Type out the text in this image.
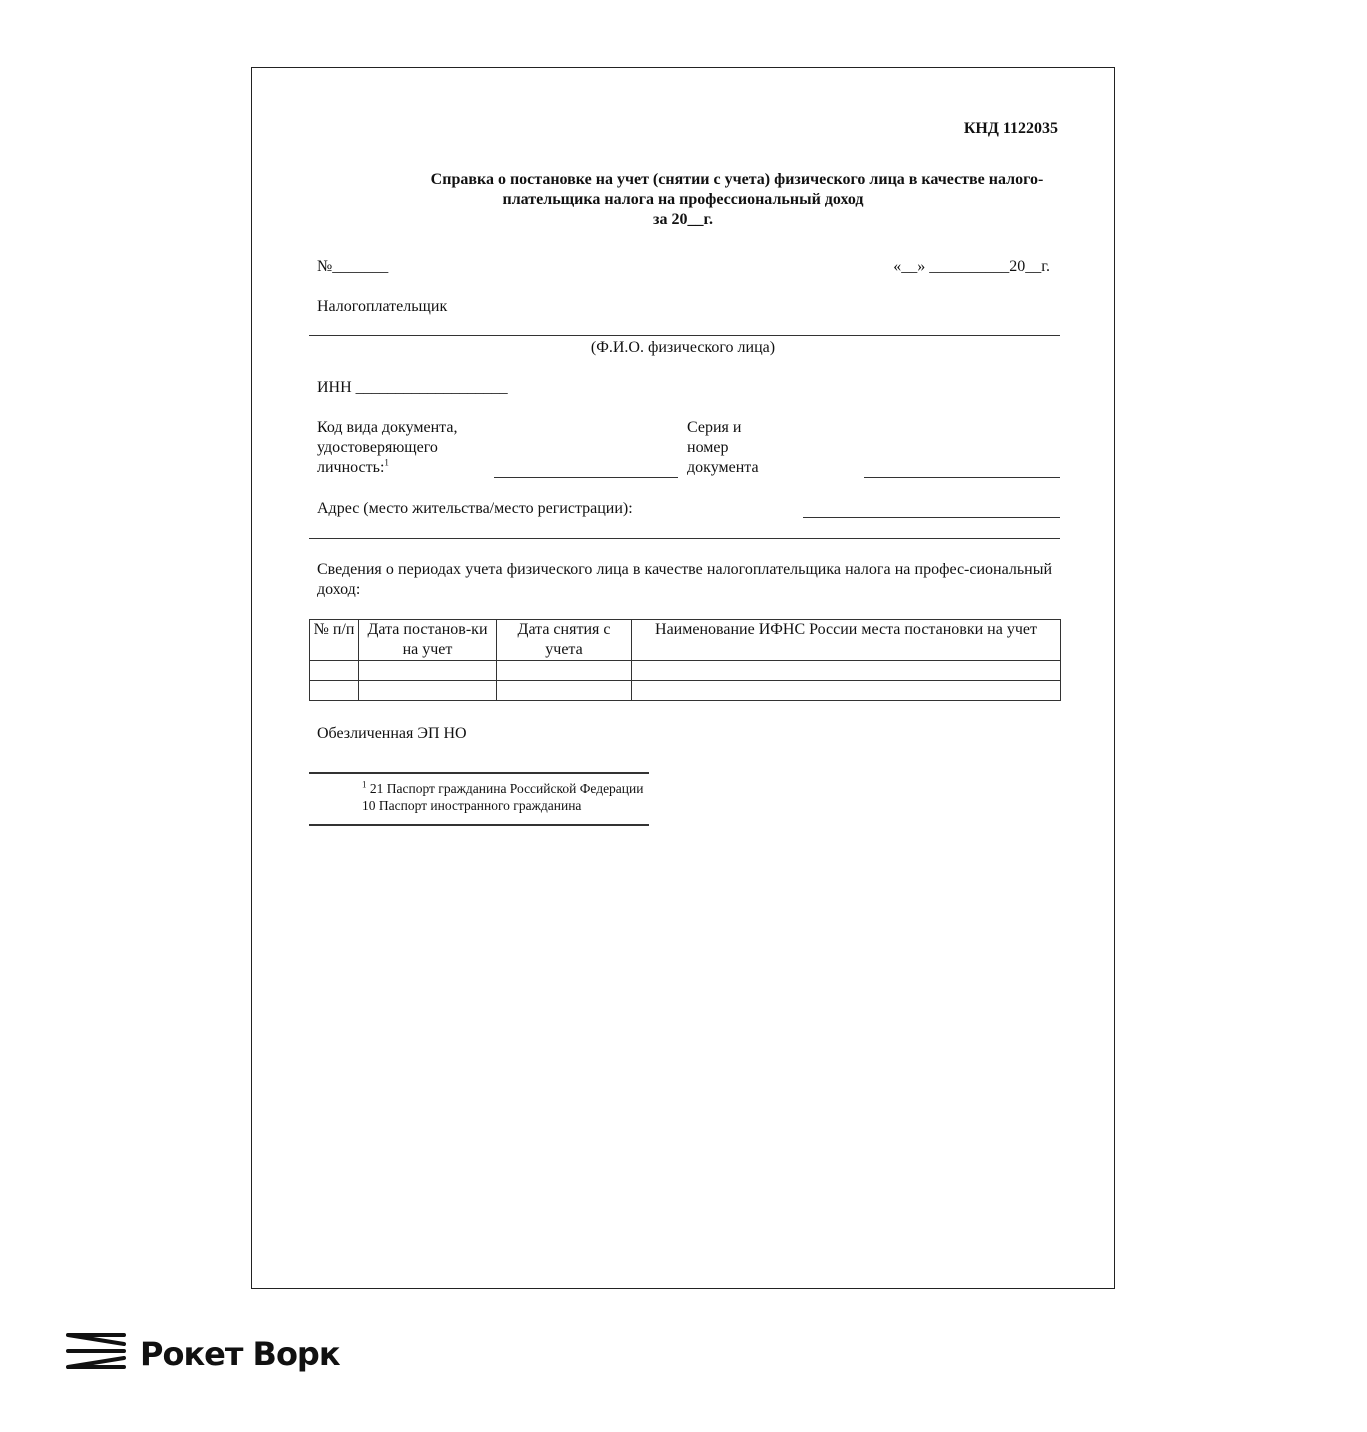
КНД 1122035
Справка о постановке на учет (снятии с учета) физического лица в качестве налого-
плательщика налога на профессиональный доход
за 20__г.
№_______	«__» __________20__г.
Налогоплательщик
(Ф.И.О. физического лица)
ИНН ___________________
Код вида документа,
удостоверяющего
личность:$^1$
Серия и
номер
документа
Адрес (место жительства/место регистрации):
Сведения о периодах учета физического лица в качестве налогоплательщика налога на профес-сиональный доход:
№ п/п	Дата постанов-ки на учет	Дата снятия с учета	Наименование ИФНС России места постановки на учет

Обезличенная ЭП НО
$^1$ 21 Паспорт гражданина Российской Федерации
10 Паспорт иностранного гражданина
Рокет Ворк
